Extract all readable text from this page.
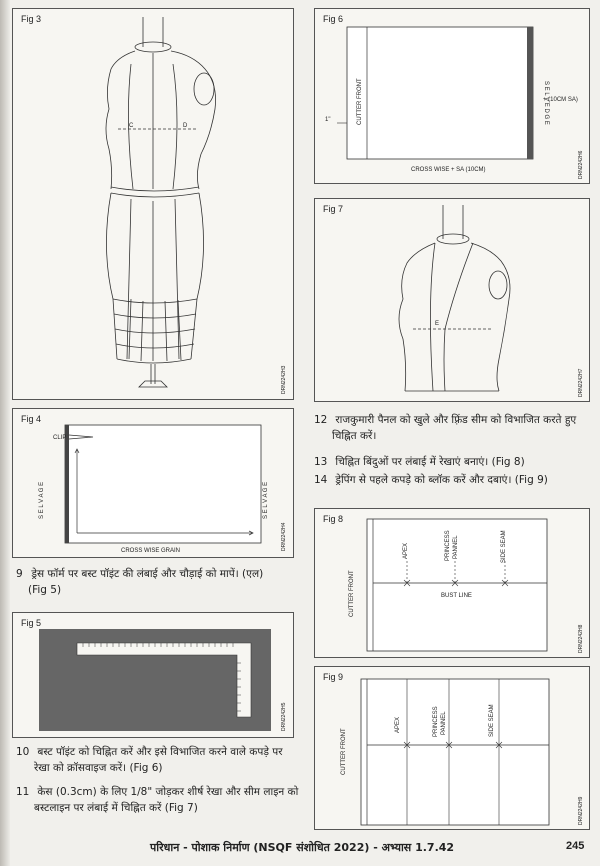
Fig 3
C	D
DRN2242H3
Fig 4
CLIP
S E L V A G E	S E L V A G E
CROSS WISE GRAIN	DRN2242H4
9 ड्रेस फॉर्म पर बस्ट पॉइंट की लंबाई और चौड़ाई को मापें। (एल)
(Fig 5)
Fig 5
DRN2242H5
10 बस्ट पॉइंट को चिह्नित करें और इसे विभाजित करने वाले कपड़े पर
रेखा को क्रॉसवाइज करें। (Fig 6)
11 केस (0.3cm) के लिए 1/8" जोड़कर शीर्ष रेखा और सीम लाइन को
बस्टलाइन पर लंबाई में चिह्नित करें (Fig 7)
Fig 6
1"	CUTTER FRONT	S E L V E D G E
+ (10CM SA)
CROSS WISE + SA (10CM)	DRN2242H6
Fig 7
E
DRN2242H7
12 राजकुमारी पैनल को खुले और फ़्रिंड सीम को विभाजित करते हुए
चिह्नित करें।
13 चिह्नित बिंदुओं पर लंबाई में रेखाएं बनाएं। (Fig 8)
14 ड्रेपिंग से पहले कपड़े को ब्लॉक करें और दबाएं। (Fig 9)
Fig 8
BUST LINE
CUTTER FRONT
APEX	PRINCESS PANNEL	SIDE SEAM
DRN2242H8
Fig 9
CUTTER FRONT
APEX	PRINCESS PANNEL	SIDE SEAM
DRN2242H9
परिधान - पोशाक निर्माण (NSQF संशोधित 2022) - अभ्यास 1.7.42	245
